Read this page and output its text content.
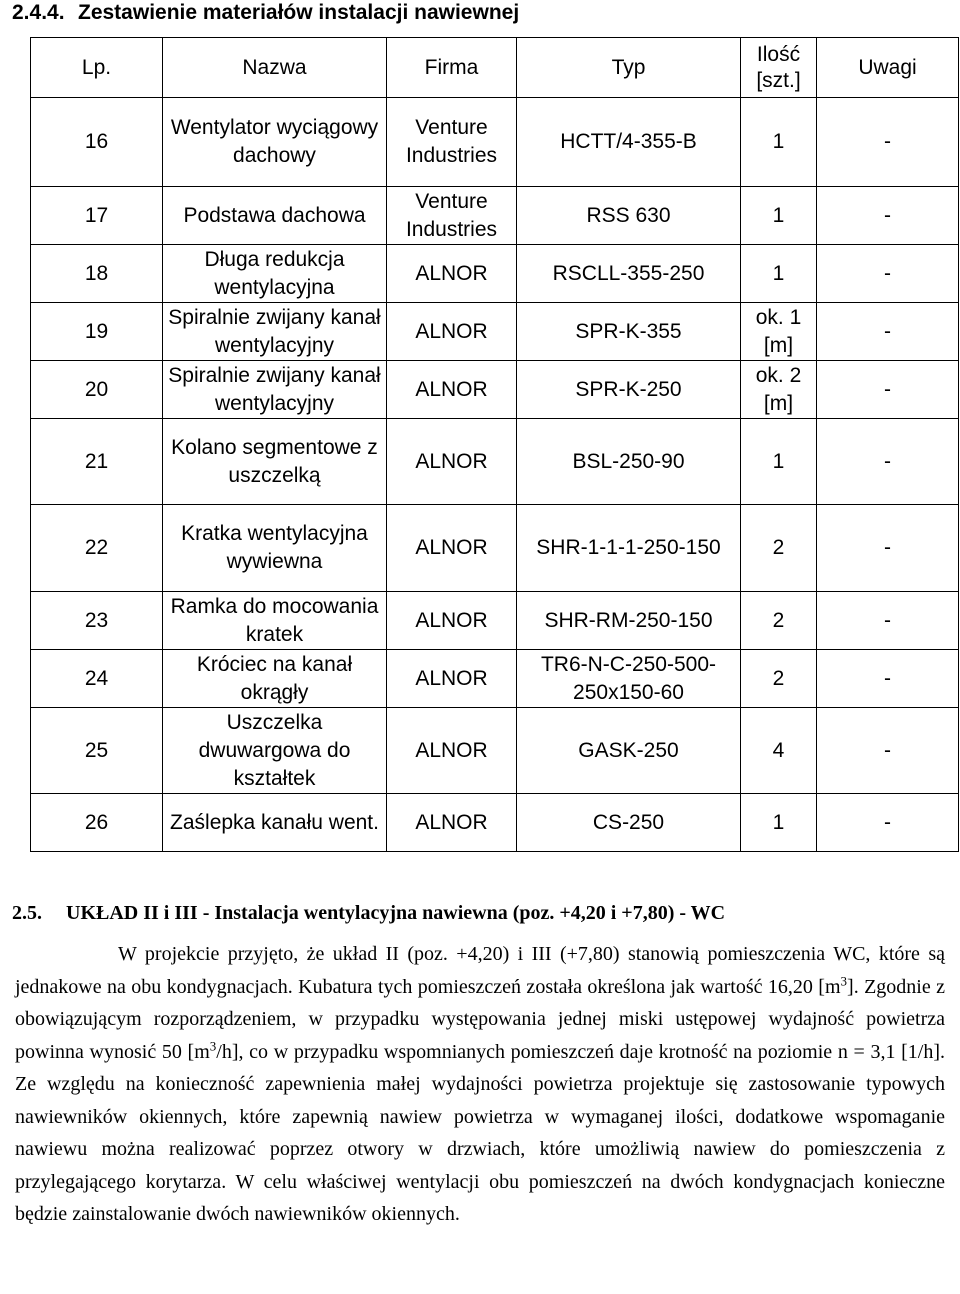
2.4.4. Zestawienie materiałów instalacji nawiewnej
Lp.	Nazwa	Firma	Typ	Ilość [szt.]	Uwagi
16	Wentylator wyciągowy dachowy	Venture Industries	HCTT/4-355-B	1	-
17	Podstawa dachowa	Venture Industries	RSS 630	1	-
18	Długa redukcja wentylacyjna	ALNOR	RSCLL-355-250	1	-
19	Spiralnie zwijany kanał wentylacyjny	ALNOR	SPR-K-355	ok. 1 [m]	-
20	Spiralnie zwijany kanał wentylacyjny	ALNOR	SPR-K-250	ok. 2 [m]	-
21	Kolano segmentowe z uszczelką	ALNOR	BSL-250-90	1	-
22	Kratka wentylacyjna wywiewna	ALNOR	SHR-1-1-1-250-150	2	-
23	Ramka do mocowania kratek	ALNOR	SHR-RM-250-150	2	-
24	Króciec na kanał okrągły	ALNOR	TR6-N-C-250-500-250x150-60	2	-
25	Uszczelka dwuwargowa do kształtek	ALNOR	GASK-250	4	-
26	Zaślepka kanału went.	ALNOR	CS-250	1	-
2.5. UKŁAD II i III - Instalacja wentylacyjna nawiewna (poz. +4,20 i +7,80) - WC
W projekcie przyjęto, że układ II (poz. +4,20) i III (+7,80) stanowią pomieszczenia WC, które są jednakowe na obu kondygnacjach. Kubatura tych pomieszczeń została określona jak wartość 16,20 $[m^3]$. Zgodnie z obowiązującym rozporządzeniem, w przypadku występowania jednej miski ustępowej wydajność powietrza powinna wynosić 50 $[m^3/h]$, co w przypadku wspomnianych pomieszczeń daje krotność na poziomie n = 3,1 [1/h]. Ze względu na konieczność zapewnienia małej wydajności powietrza projektuje się zastosowanie typowych nawiewników okiennych, które zapewnią nawiew powietrza w wymaganej ilości, dodatkowe wspomaganie nawiewu można realizować poprzez otwory w drzwiach, które umożliwią nawiew do pomieszczenia z przylegającego korytarza. W celu właściwej wentylacji obu pomieszczeń na dwóch kondygnacjach konieczne będzie zainstalowanie dwóch nawiewników okiennych.
